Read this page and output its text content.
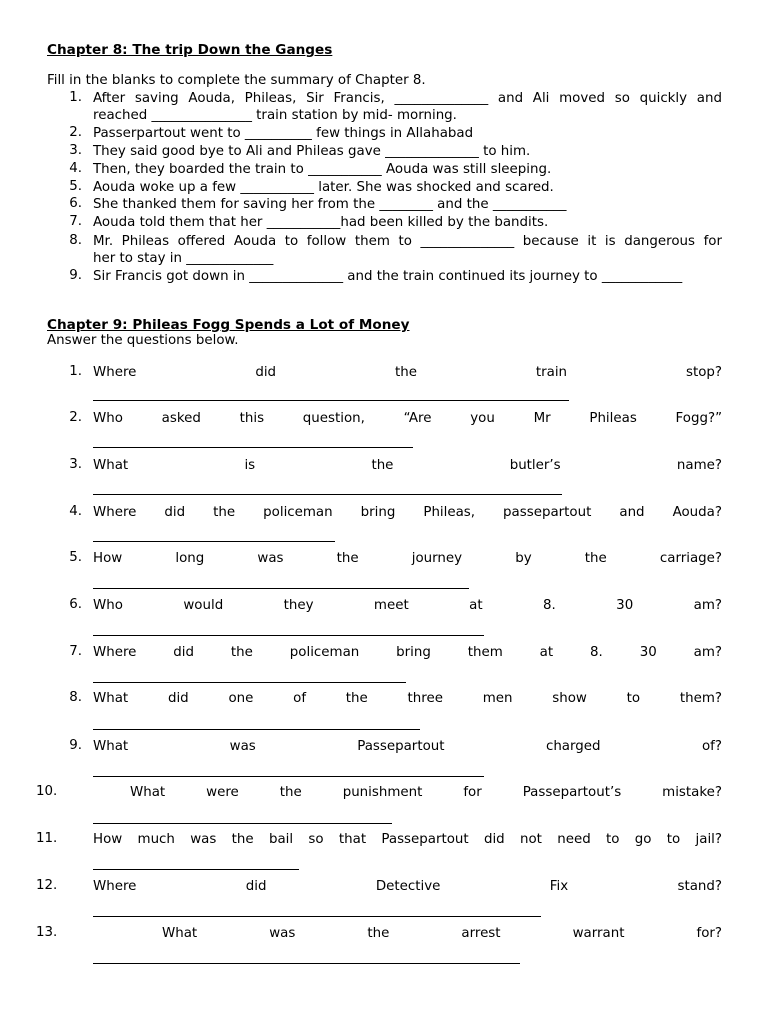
Chapter 8: The trip Down the Ganges
Fill in the blanks to complete the summary of Chapter 8.
1. After saving Aouda, Phileas, Sir Francis, ______________ and Ali moved so quickly and
reached _______________ train station by mid- morning.
2. Passerpartout went to __________ few things in Allahabad
3. They said good bye to Ali and Phileas gave ______________ to him.
4. Then, they boarded the train to ___________ Aouda was still sleeping.
5. Aouda woke up a few ___________ later. She was shocked and scared.
6. She thanked them for saving her from the ________ and the ___________
7. Aouda told them that her ___________had been killed by the bandits.
8. Mr. Phileas offered Aouda to follow them to ______________ because it is dangerous for
her to stay in _____________
9. Sir Francis got down in ______________ and the train continued its journey to ____________
Chapter 9: Phileas Fogg Spends a Lot of Money
Answer the questions below.
1. Where did the train stop?
2. Who asked this question, “Are you Mr Phileas Fogg?”
3. What is the butler’s name?
4. Where did the policeman bring Phileas, passepartout and Aouda?
5. How long was the journey by the carriage?
6. Who would they meet at 8. 30 am?
7. Where did the policeman bring them at 8. 30 am?
8. What did one of the three men show to them?
9. What was Passepartout charged of?
10.	What were the punishment for Passepartout’s mistake?
11.	How much was the bail so that Passepartout did not need to go to jail?
12.	Where did Detective Fix stand?
13.	What was the arrest warrant for?
